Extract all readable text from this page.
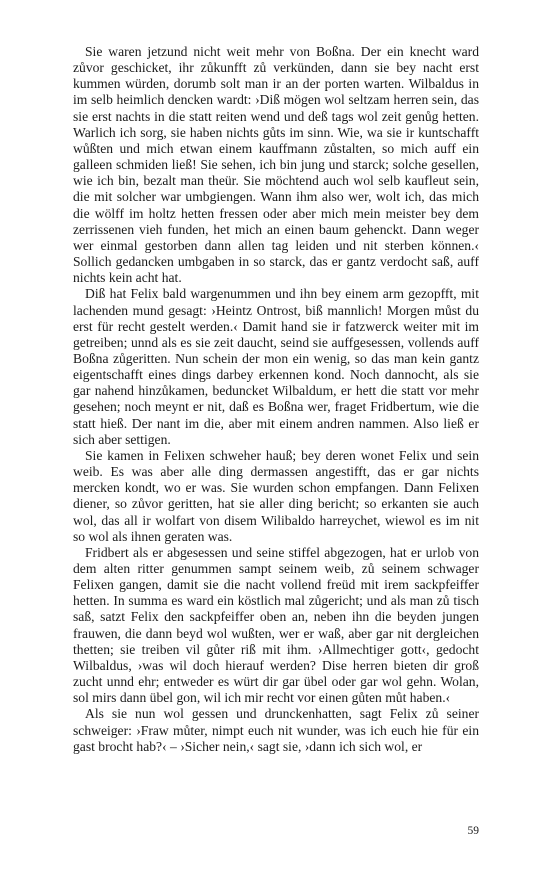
Sie waren jetzund nicht weit mehr von Boßna. Der ein knecht ward zůvor geschicket, ihr zůkunfft zů verkünden, dann sie bey nacht erst kummen würden, dorumb solt man ir an der porten warten. Wilbaldus in im selb heimlich dencken wardt: ›Diß mögen wol seltzam herren sein, das sie erst nachts in die statt reiten wend und deß tags wol zeit genůg hetten. Warlich ich sorg, sie haben nichts gůts im sinn. Wie, wa sie ir kuntschafft wůßten und mich etwan einem kauffmann zůstalten, so mich auff ein galleen schmiden ließ! Sie sehen, ich bin jung und starck; solche gesellen, wie ich bin, bezalt man theür. Sie möchtend auch wol selb kaufleut sein, die mit solcher war umbgiengen. Wann ihm also wer, wolt ich, das mich die wölff im holtz hetten fressen oder aber mich mein meister bey dem zerrissenen vieh funden, het mich an einen baum gehenckt. Dann weger wer einmal gestorben dann allen tag leiden und nit sterben können.‹ Sollich gedancken umbgaben in so starck, das er gantz verdocht saß, auff nichts kein acht hat.

Diß hat Felix bald wargenummen und ihn bey einem arm gezopfft, mit lachenden mund gesagt: ›Heintz Ontrost, biß mannlich! Morgen můst du erst für recht gestelt werden.‹ Damit hand sie ir fatzwerck weiter mit im getreiben; unnd als es sie zeit daucht, seind sie auffgesessen, vollends auff Boßna zůgeritten. Nun schein der mon ein wenig, so das man kein gantz eigentschafft eines dings darbey erkennen kond. Noch dannocht, als sie gar nahend hinzůkamen, beduncket Wilbaldum, er hett die statt vor mehr gesehen; noch meynt er nit, daß es Boßna wer, fraget Fridbertum, wie die statt hieß. Der nant im die, aber mit einem andren nammen. Also ließ er sich aber settigen.

Sie kamen in Felixen schweher hauß; bey deren wonet Felix und sein weib. Es was aber alle ding dermassen angestifft, das er gar nichts mercken kondt, wo er was. Sie wurden schon empfangen. Dann Felixen diener, so zůvor geritten, hat sie aller ding bericht; so erkanten sie auch wol, das all ir wolfart von disem Wilibaldo harreychet, wiewol es im nit so wol als ihnen geraten was.

Fridbert als er abgesessen und seine stiffel abgezogen, hat er urlob von dem alten ritter genummen sampt seinem weib, zů seinem schwager Felixen gangen, damit sie die nacht vollend freüd mit irem sackpfeiffer hetten. In summa es ward ein köstlich mal zůgericht; und als man zů tisch saß, satzt Felix den sackpfeiffer oben an, neben ihn die beyden jungen frauwen, die dann beyd wol wußten, wer er waß, aber gar nit dergleichen thetten; sie treiben vil gůter riß mit ihm. ›Allmechtiger gott‹, gedocht Wilbaldus, ›was wil doch hierauf werden? Dise herren bieten dir groß zucht unnd ehr; entweder es würt dir gar übel oder gar wol gehn. Wolan, sol mirs dann übel gon, wil ich mir recht vor einen gůten můt haben.‹

Als sie nun wol gessen und drunckenhatten, sagt Felix zů seiner schweiger: ›Fraw můter, nimpt euch nit wunder, was ich euch hie für ein gast brocht hab?‹ – ›Sicher nein,‹ sagt sie, ›dann ich sich wol, er

59
